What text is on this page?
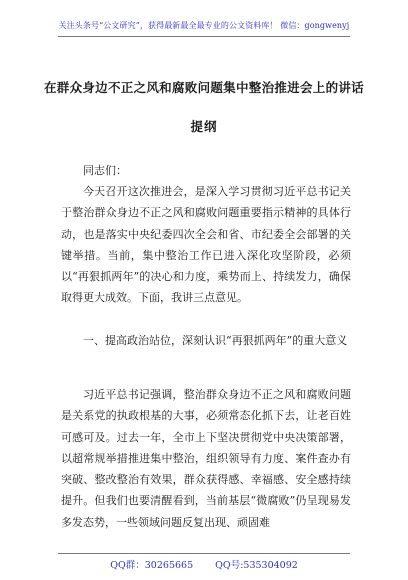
关注头条号“公文研究”，获得最新最全最专业的公文资料库！ 微信：gongwenyj
在群众身边不正之风和腐败问题集中整治推进会上的讲话
提纲
同志们：
今天召开这次推进会，是深入学习贯彻习近平总书记关于整治群众身边不正之风和腐败问题重要指示精神的具体行动，也是落实中央纪委四次全会和省、市纪委全会部署的关键举措。当前，集中整治工作已进入深化攻坚阶段，必须以“再狠抓两年”的决心和力度，乘势而上、持续发力，确保取得更大成效。下面，我讲三点意见。
一、提高政治站位，深刻认识“再狠抓两年”的重大意义
习近平总书记强调，整治群众身边不正之风和腐败问题是关系党的执政根基的大事，必须常态化抓下去，让老百姓可感可及。过去一年，全市上下坚决贯彻党中央决策部署，以超常规举措推进集中整治，组织领导有力度、案件查办有突破、整改整治有效果，群众获得感、幸福感、安全感持续提升。但我们也要清醒看到，当前基层“微腐败”仍呈现易发多发态势，一些领域问题反复出现、顽固难
QQ群：30265665 QQ号:535304092
